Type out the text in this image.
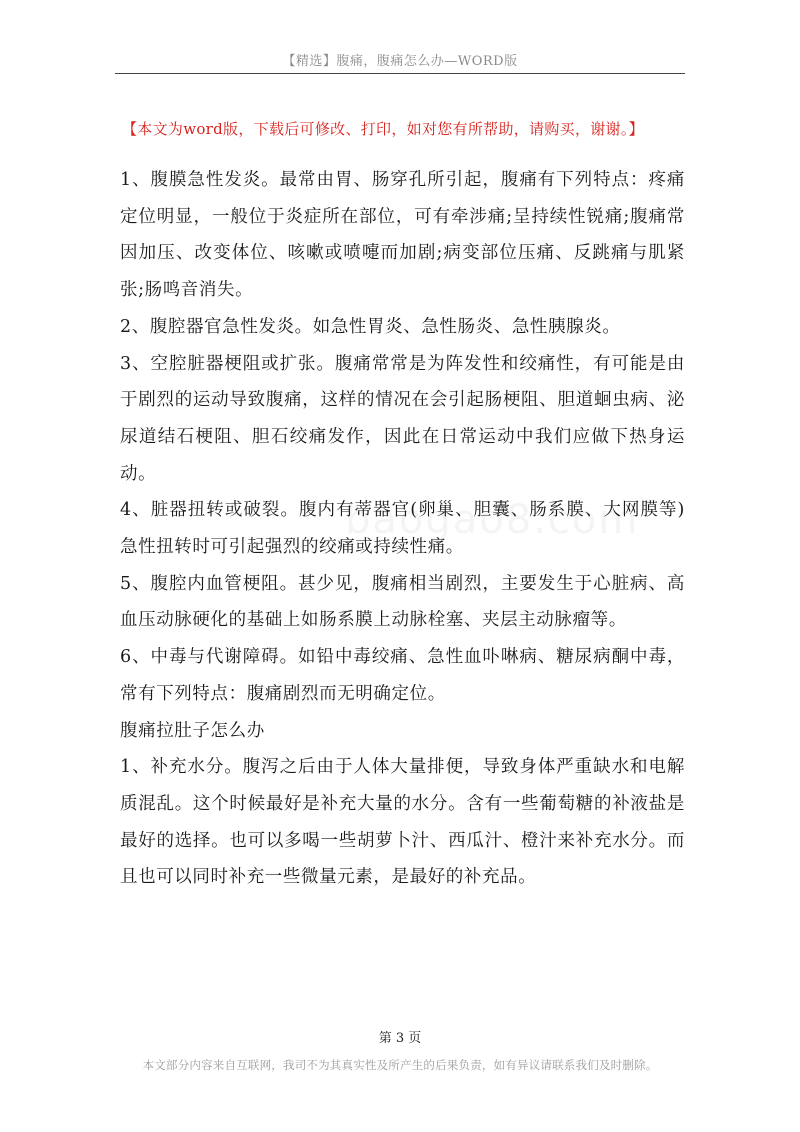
【精选】腹痛，腹痛怎么办—WORD版
【本文为word版，下载后可修改、打印，如对您有所帮助，请购买，谢谢。】

1、腹膜急性发炎。最常由胃、肠穿孔所引起，腹痛有下列特点：疼痛定位明显，一般位于炎症所在部位，可有牵涉痛;呈持续性锐痛;腹痛常因加压、改变体位、咳嗽或喷嚏而加剧;病变部位压痛、反跳痛与肌紧张;肠鸣音消失。

2、腹腔器官急性发炎。如急性胃炎、急性肠炎、急性胰腺炎。

3、空腔脏器梗阻或扩张。腹痛常常是为阵发性和绞痛性，有可能是由于剧烈的运动导致腹痛，这样的情况在会引起肠梗阻、胆道蛔虫病、泌尿道结石梗阻、胆石绞痛发作，因此在日常运动中我们应做下热身运动。

4、脏器扭转或破裂。腹内有蒂器官(卵巢、胆囊、肠系膜、大网膜等)急性扭转时可引起强烈的绞痛或持续性痛。

5、腹腔内血管梗阻。甚少见，腹痛相当剧烈，主要发生于心脏病、高血压动脉硬化的基础上如肠系膜上动脉栓塞、夹层主动脉瘤等。

6、中毒与代谢障碍。如铅中毒绞痛、急性血卟啉病、糖尿病酮中毒，常有下列特点：腹痛剧烈而无明确定位。

腹痛拉肚子怎么办

1、补充水分。腹泻之后由于人体大量排便，导致身体严重缺水和电解质混乱。这个时候最好是补充大量的水分。含有一些葡萄糖的补液盐是最好的选择。也可以多喝一些胡萝卜汁、西瓜汁、橙汁来补充水分。而且也可以同时补充一些微量元素，是最好的补充品。

第 3 页
本文部分内容来自互联网，我司不为其真实性及所产生的后果负责，如有异议请联系我们及时删除。
